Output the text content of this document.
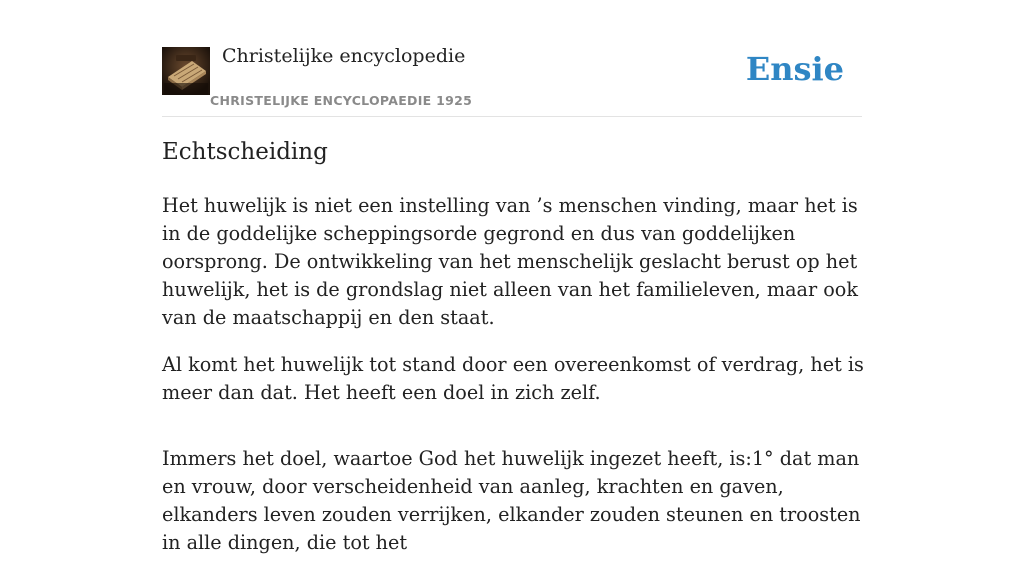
Christelijke encyclopedie
CHRISTELIJKE ENCYCLOPAEDIE 1925
Ensie
Echtscheiding

Het huwelijk is niet een instelling van ’s menschen vinding, maar het is in de goddelijke scheppingsorde gegrond en dus van goddelijken oorsprong. De ontwikkeling van het menschelijk geslacht berust op het huwelijk, het is de grondslag niet alleen van het familieleven, maar ook van de maatschappij en den staat.

Al komt het huwelijk tot stand door een overeenkomst of verdrag, het is meer dan dat. Het heeft een doel in zich zelf.

Immers het doel, waartoe God het huwelijk ingezet heeft, is:1° dat man en vrouw, door verscheidenheid van aanleg, krachten en gaven, elkanders leven zouden verrijken, elkander zouden steunen en troosten in alle dingen, die tot het
